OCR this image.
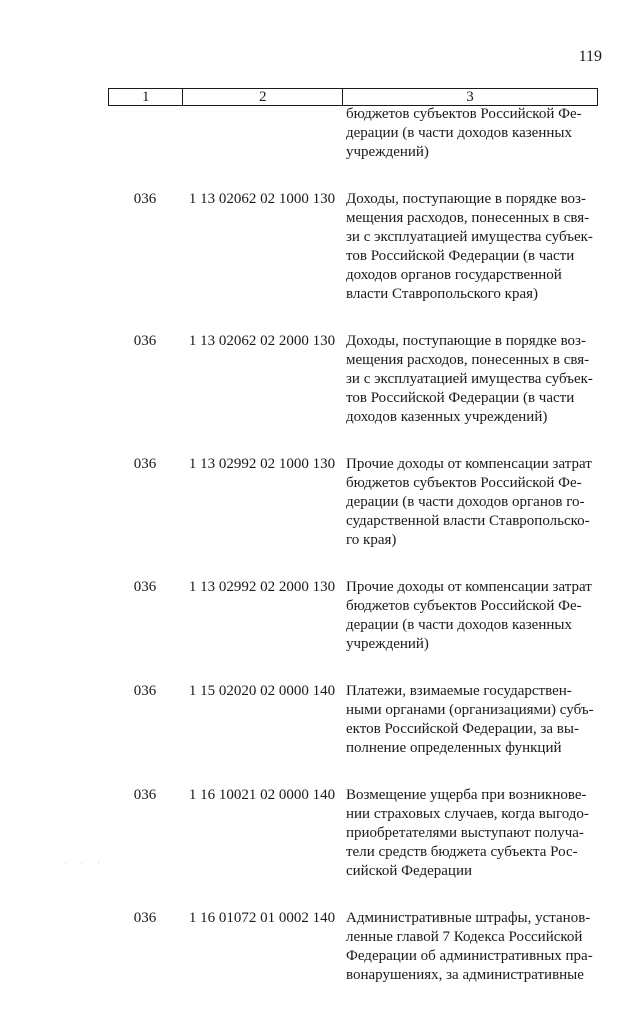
119
1	2	3
бюджетов субъектов Российской Фе-
дерации (в части доходов казенных
учреждений)
036	1 13 02062 02 1000 130 Доходы, поступающие в порядке воз-
мещения расходов, понесенных в свя-
зи с эксплуатацией имущества субъек-
тов Российской Федерации (в части
доходов органов государственной
власти Ставропольского края)
036	1 13 02062 02 2000 130 Доходы, поступающие в порядке воз-
мещения расходов, понесенных в свя-
зи с эксплуатацией имущества субъек-
тов Российской Федерации (в части
доходов казенных учреждений)
036	1 13 02992 02 1000 130 Прочие доходы от компенсации затрат
бюджетов субъектов Российской Фе-
дерации (в части доходов органов го-
сударственной власти Ставропольско-
го края)
036	1 13 02992 02 2000 130 Прочие доходы от компенсации затрат
бюджетов субъектов Российской Фе-
дерации (в части доходов казенных
учреждений)
036	1 15 02020 02 0000 140 Платежи, взимаемые государствен-
ными органами (организациями) субъ-
ектов Российской Федерации, за вы-
полнение определенных функций
036	1 16 10021 02 0000 140 Возмещение ущерба при возникнове-
нии страховых случаев, когда выгодо-
приобретателями выступают получа-
тели средств бюджета субъекта Рос-
сийской Федерации
036	1 16 01072 01 0002 140 Административные штрафы, установ-
ленные главой 7 Кодекса Российской
Федерации об административных пра-
вонарушениях, за административные
· · ·
